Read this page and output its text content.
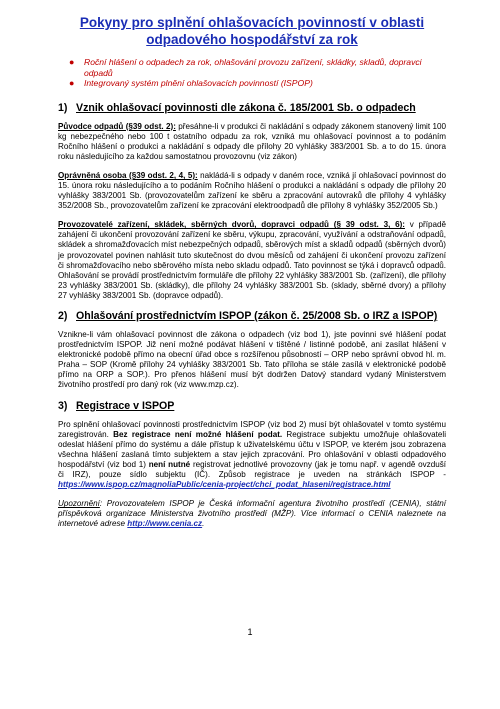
Pokyny pro splnění ohlašovacích povinností v oblasti odpadového hospodářství za rok
● Roční hlášení o odpadech za rok, ohlašování provozu zařízení, skládky, skladů, dopravci odpadů
● Integrovaný systém plnění ohlašovacích povinností (ISPOP)
1) Vznik ohlašovací povinnosti dle zákona č. 185/2001 Sb. o odpadech

Původce odpadů (§39 odst. 2): přesáhne-li v produkci či nakládání s odpady zákonem stanovený limit 100 kg nebezpečného nebo 100 t ostatního odpadu za rok, vzniká mu ohlašovací povinnost a to podáním Ročního hlášení o produkci a nakládání s odpady dle přílohy 20 vyhlášky 383/2001 Sb. a to do 15. února roku následujícího za každou samostatnou provozovnu (viz zákon)

Oprávněná osoba (§39 odst. 2, 4, 5): nakládá-li s odpady v daném roce, vzniká jí ohlašovací povinnost do 15. února roku následujícího a to podáním Ročního hlášení o produkci a nakládání s odpady dle přílohy 20 vyhlášky 383/2001 Sb. (provozovatelům zařízení ke sběru a zpracování autovraků dle přílohy 4 vyhlášky 352/2008 Sb., provozovatelům zařízení ke zpracování elektroodpadů dle přílohy 8 vyhlášky 352/2005 Sb.)

Provozovatelé zařízení, skládek, sběrných dvorů, dopravci odpadů (§ 39 odst. 3, 6): v případě zahájení či ukončení provozování zařízení ke sběru, výkupu, zpracování, využívání a odstraňování odpadů, skládek a shromažďovacích míst nebezpečných odpadů, sběrových míst a skladů odpadů (sběrných dvorů) je provozovatel povinen nahlásit tuto skutečnost do dvou měsíců od zahájení či ukončení provozu zařízení či shromažďovacího nebo sběrového místa nebo skladu odpadů. Tato povinnost se týká i dopravců odpadů. Ohlašování se provádí prostřednictvím formuláře dle přílohy 22 vyhlášky 383/2001 Sb. (zařízení), dle přílohy 23 vyhlášky 383/2001 Sb. (skládky), dle přílohy 24 vyhlášky 383/2001 Sb. (sklady, sběrné dvory) a přílohy 27 vyhlášky 383/2001 Sb. (dopravce odpadů).

2) Ohlašování prostřednictvím ISPOP (zákon č. 25/2008 Sb. o IRZ a ISPOP)

Vznikne-li vám ohlašovací povinnost dle zákona o odpadech (viz bod 1), jste povinni své hlášení podat prostřednictvím ISPOP. Již není možné podávat hlášení v tištěné / listinné podobě, ani zasílat hlášení v elektronické podobě přímo na obecní úřad obce s rozšířenou působností – ORP nebo správní obvod hl. m. Praha – SOP (Kromě přílohy 24 vyhlášky 383/2001 Sb. Tato příloha se stále zasílá v elektronické podobě přímo na ORP a SOP.). Pro přenos hlášení musí být dodržen Datový standard vydaný Ministerstvem životního prostředí pro daný rok (viz www.mzp.cz).

3) Registrace v ISPOP

Pro splnění ohlašovací povinnosti prostřednictvím ISPOP (viz bod 2) musí být ohlašovatel v tomto systému zaregistrován. Bez registrace není možné hlášení podat. Registrace subjektu umožňuje ohlašovateli odeslat hlášení přímo do systému a dále přístup k uživatelskému účtu v ISPOP, ve kterém jsou zobrazena všechna hlášení zaslaná tímto subjektem a stav jejich zpracování. Pro ohlašování v oblasti odpadového hospodářství (viz bod 1) není nutné registrovat jednotlivé provozovny (jak je tomu např. v agendě ovzduší či IRZ), pouze sídlo subjektu (IČ). Způsob registrace je uveden na stránkách ISPOP - https://www.ispop.cz/magnoliaPublic/cenia-project/chci_podat_hlaseni/registrace.html

Upozornění: Provozovatelem ISPOP je Česká informační agentura životního prostředí (CENIA), státní příspěvková organizace Ministerstva životního prostředí (MŽP). Více informací o CENIA naleznete na internetové adrese http://www.cenia.cz.

1
